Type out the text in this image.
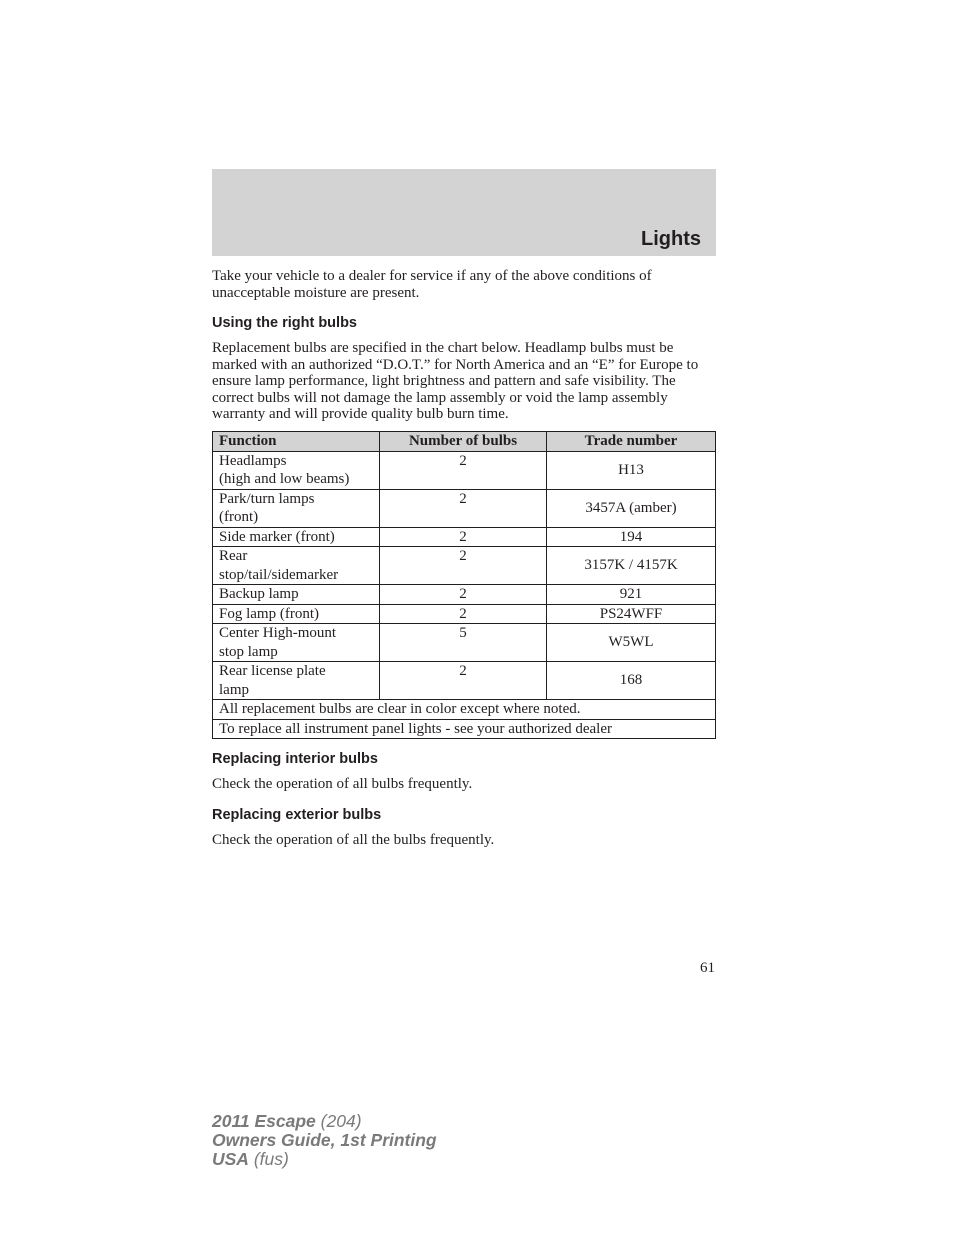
Lights

Take your vehicle to a dealer for service if any of the above conditions of unacceptable moisture are present.

Using the right bulbs

Replacement bulbs are specified in the chart below. Headlamp bulbs must be marked with an authorized “D.O.T.” for North America and an “E” for Europe to ensure lamp performance, light brightness and pattern and safe visibility. The correct bulbs will not damage the lamp assembly or void the lamp assembly warranty and will provide quality bulb burn time.

Function	Number of bulbs	Trade number
Headlamps
(high and low beams)	2	H13
Park/turn lamps
(front)	2	3457A (amber)
Side marker (front)	2	194
Rear
stop/tail/sidemarker	2	3157K / 4157K
Backup lamp	2	921
Fog lamp (front)	2	PS24WFF
Center High-mount
stop lamp	5	W5WL
Rear license plate
lamp	2	168
All replacement bulbs are clear in color except where noted.		
To replace all instrument panel lights - see your authorized dealer		
Replacing interior bulbs

Check the operation of all bulbs frequently.

Replacing exterior bulbs

Check the operation of all the bulbs frequently.

61
2011 Escape (204)
Owners Guide, 1st Printing
USA (fus)
